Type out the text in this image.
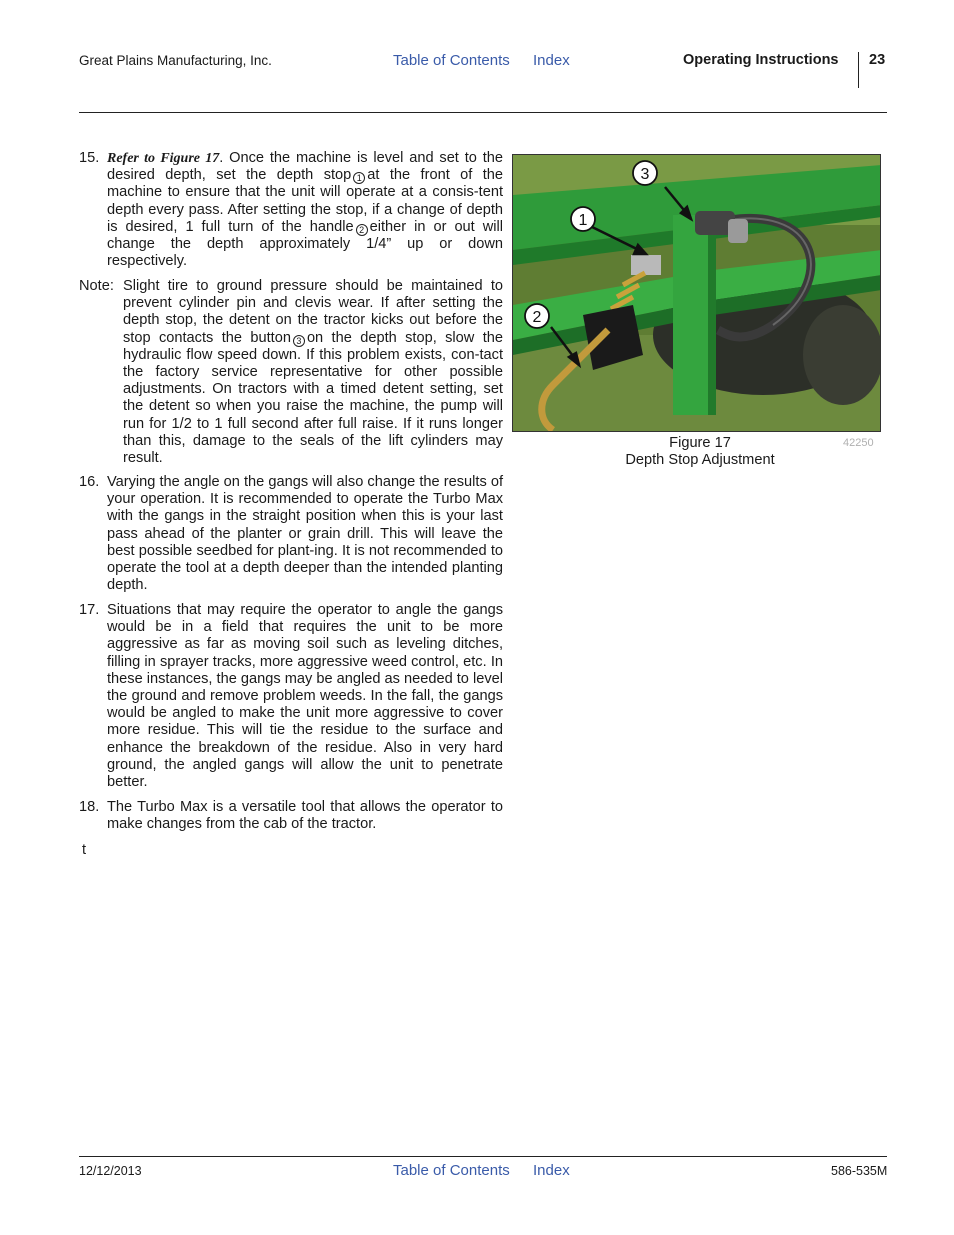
Great Plains Manufacturing, Inc.	Table of Contents Index	Operating Instructions 23
15. Refer to Figure 17. Once the machine is level and set to the desired depth, set the depth stop 1 at the front of the machine to ensure that the unit will operate at a consis-tent depth every pass. After setting the stop, if a change of depth is desired, 1 full turn of the handle 2 either in or out will change the depth approximately 1/4” up or down respectively.
Note: Slight tire to ground pressure should be maintained to prevent cylinder pin and clevis wear. If after setting the depth stop, the detent on the tractor kicks out before the stop contacts the button 3 on the depth stop, slow the hydraulic flow speed down. If this problem exists, con-tact the factory service representative for other possible adjustments. On tractors with a timed detent setting, set the detent so when you raise the machine, the pump will run for 1/2 to 1 full second after full raise. If it runs longer than this, damage to the seals of the lift cylinders may result.
16. Varying the angle on the gangs will also change the results of your operation. It is recommended to operate the Turbo Max with the gangs in the straight position when this is your last pass ahead of the planter or grain drill. This will leave the best possible seedbed for plant-ing. It is not recommended to operate the tool at a depth deeper than the intended planting depth.
17. Situations that may require the operator to angle the gangs would be in a field that requires the unit to be more aggressive as far as moving soil such as leveling ditches, filling in sprayer tracks, more aggressive weed control, etc. In these instances, the gangs may be angled as needed to level the ground and remove problem weeds. In the fall, the gangs would be angled to make the unit more aggressive to cover more residue. This will tie the residue to the surface and enhance the breakdown of the residue. Also in very hard ground, the angled gangs will allow the unit to penetrate better.
18. The Turbo Max is a versatile tool that allows the operator to make changes from the cab of the tractor.
t
3
1
2
Figure 17
Depth Stop Adjustment
42250
12/12/2013	Table of Contents Index	586-535M
